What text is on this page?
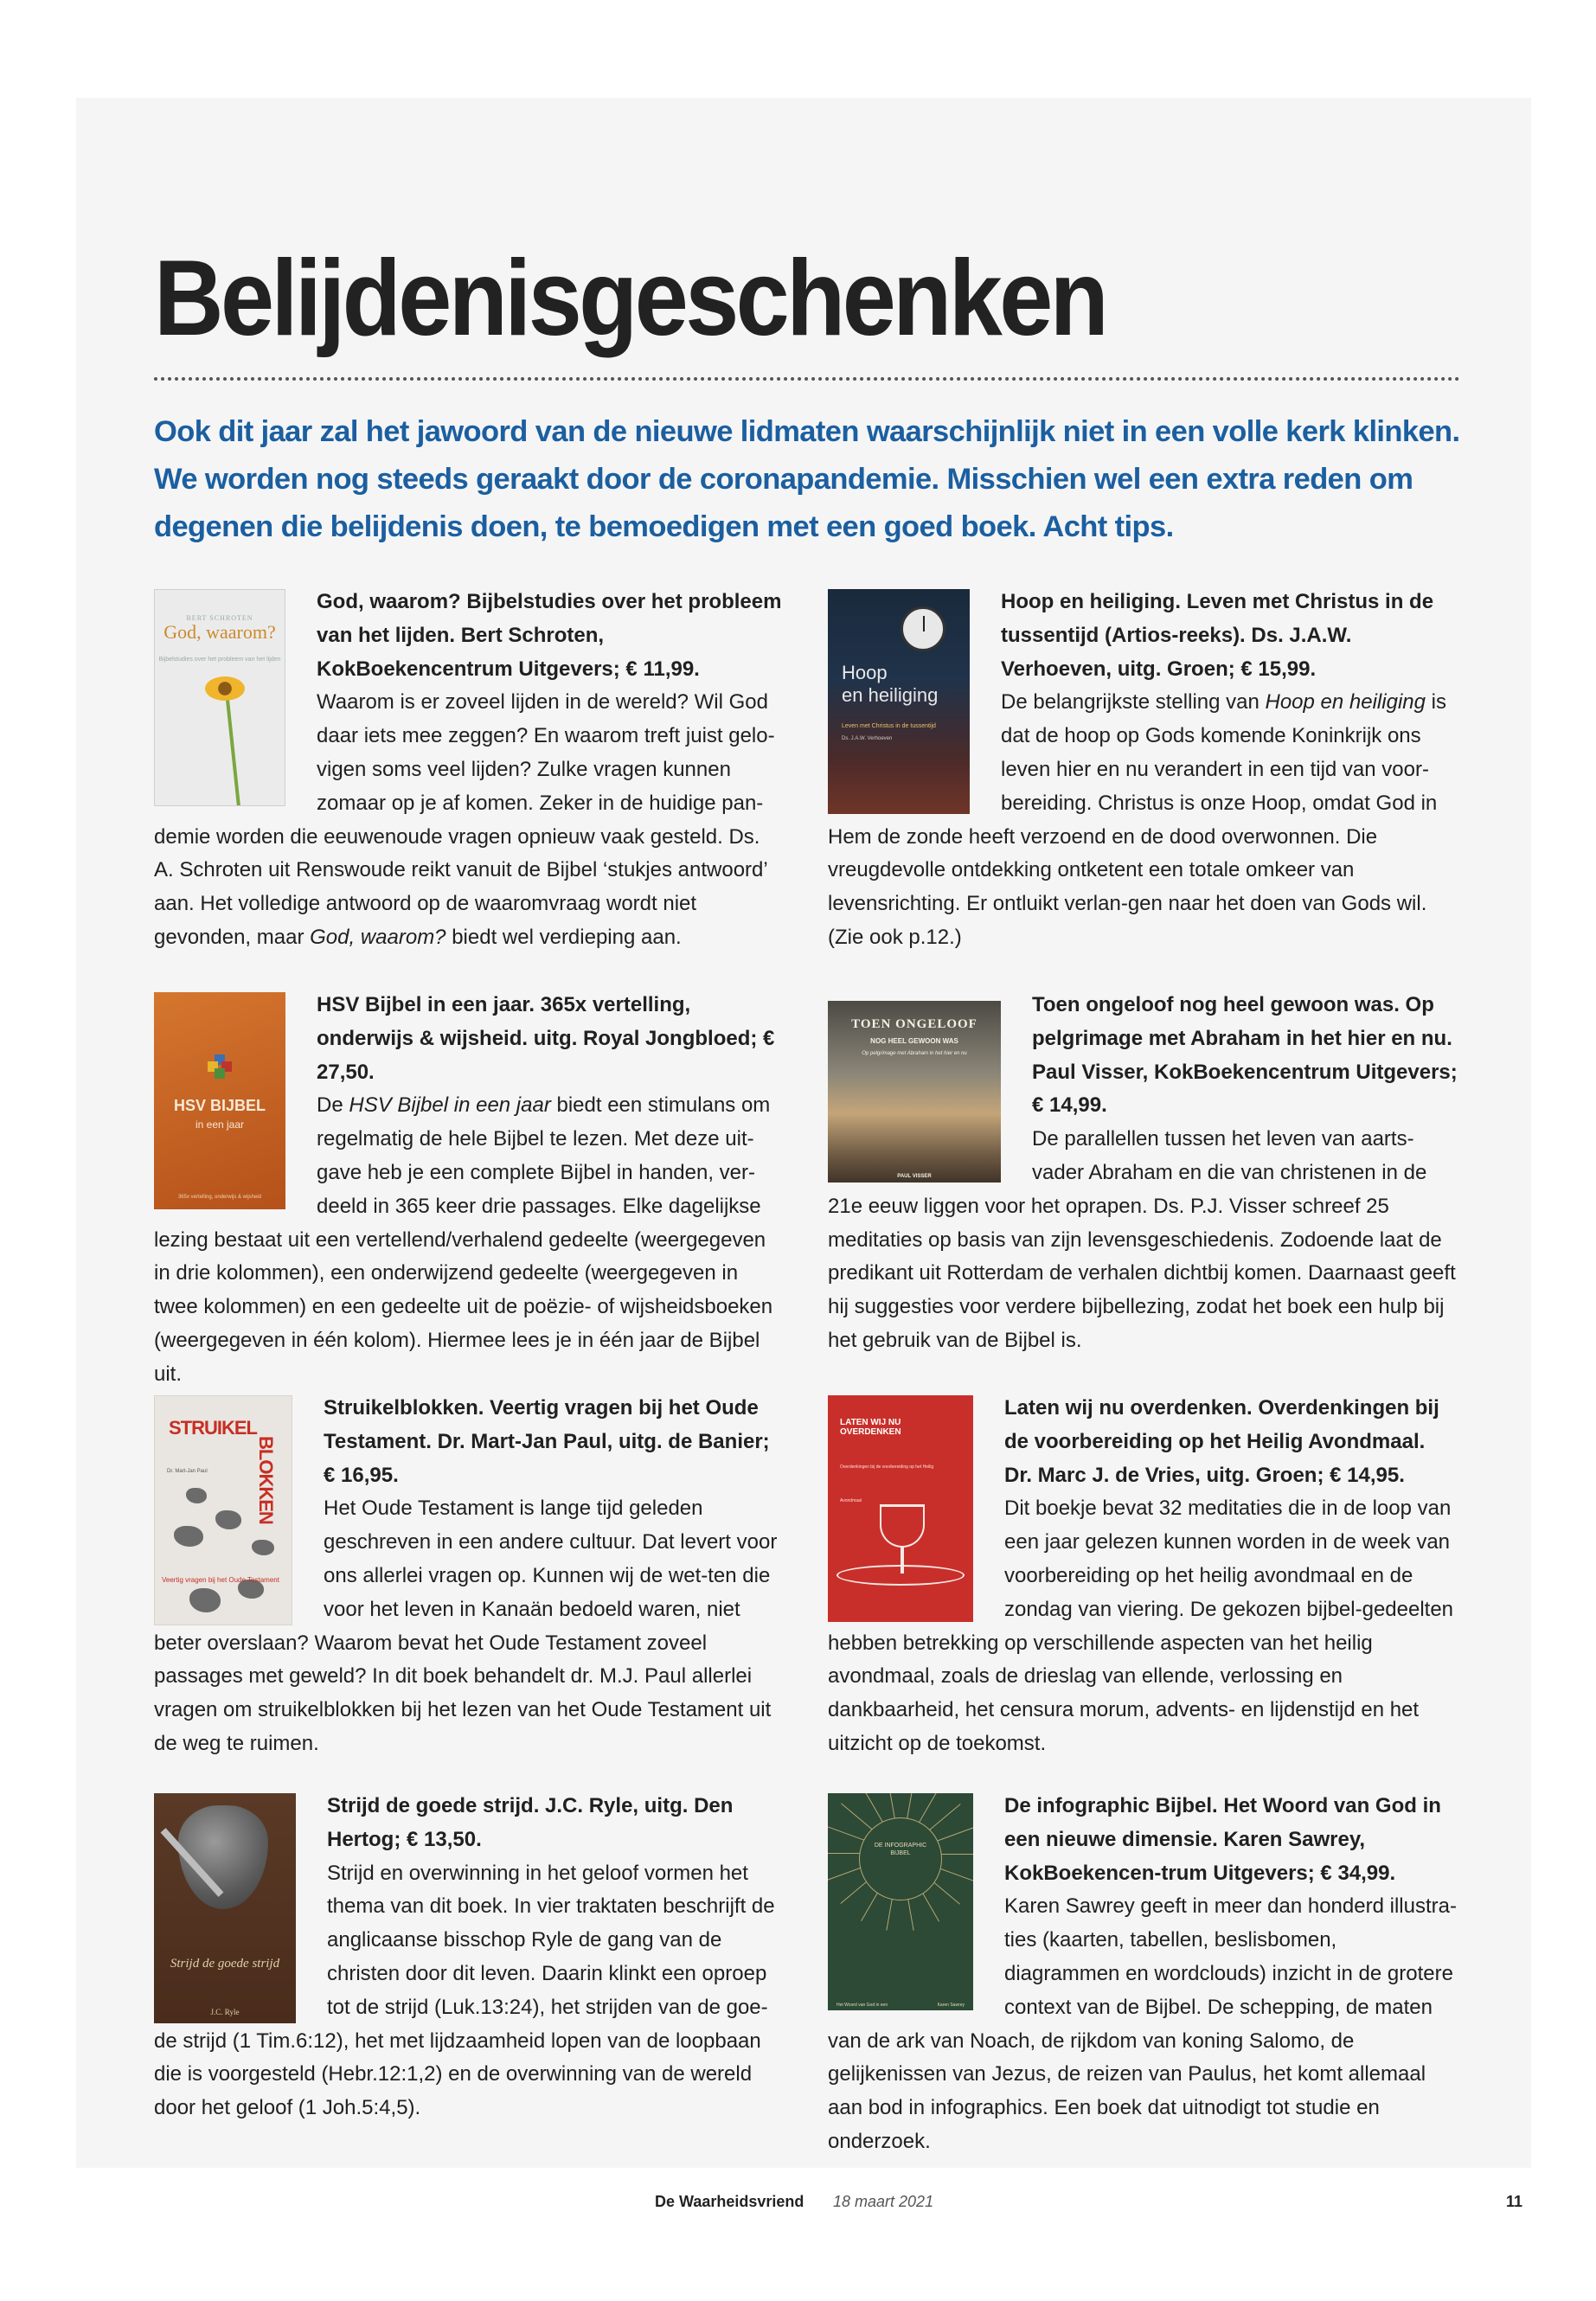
Belijdenisgeschenken
Ook dit jaar zal het jawoord van de nieuwe lidmaten waarschijnlijk niet in een volle kerk klinken. We worden nog steeds geraakt door de coronapandemie. Misschien wel een extra reden om degenen die belijdenis doen, te bemoedigen met een goed boek. Acht tips.
BERT SCHROTEN
God, waarom?
Bijbelstudies over het probleem van het lijden

God, waarom? Bijbelstudies over het probleem van het lijden. Bert Schroten, KokBoekencentrum Uitgevers; € 11,99.
Waarom is er zoveel lijden in de wereld? Wil God daar iets mee zeggen? En waarom treft juist gelo-vigen soms veel lijden? Zulke vragen kunnen zomaar op je af komen. Zeker in de huidige pan-demie worden die eeuwenoude vragen opnieuw vaak gesteld. Ds. A. Schroten uit Renswoude reikt vanuit de Bijbel ‘stukjes antwoord’ aan. Het volledige antwoord op de waaromvraag wordt niet gevonden, maar God, waarom? biedt wel verdieping aan.

Hoop
en heiliging
Leven met Christus in de tussentijd
Ds. J.A.W. Verhoeven

Hoop en heiliging. Leven met Christus in de tussentijd (Artios-reeks). Ds. J.A.W. Verhoeven, uitg. Groen; € 15,99.
De belangrijkste stelling van Hoop en heiliging is dat de hoop op Gods komende Koninkrijk ons leven hier en nu verandert in een tijd van voor-bereiding. Christus is onze Hoop, omdat God in Hem de zonde heeft verzoend en de dood overwonnen. Die vreugdevolle ontdekking ontketent een totale omkeer van levensrichting. Er ontluikt verlan-gen naar het doen van Gods wil. (Zie ook p.12.)

HSV BIJBEL
in een jaar
365x vertelling, onderwijs & wijsheid

HSV Bijbel in een jaar. 365x vertelling, onderwijs & wijsheid. uitg. Royal Jongbloed; € 27,50.
De HSV Bijbel in een jaar biedt een stimulans om regelmatig de hele Bijbel te lezen. Met deze uit-gave heb je een complete Bijbel in handen, ver-deeld in 365 keer drie passages. Elke dagelijkse lezing bestaat uit een vertellend/verhalend gedeelte (weergegeven in drie kolommen), een onderwijzend gedeelte (weergegeven in twee kolommen) en een gedeelte uit de poëzie- of wijsheidsboeken (weergegeven in één kolom). Hiermee lees je in één jaar de Bijbel uit.

TOEN ONGELOOF
NOG HEEL GEWOON WAS
Op pelgrimage met Abraham in het hier en nu
PAUL VISSER

Toen ongeloof nog heel gewoon was. Op pelgrimage met Abraham in het hier en nu. Paul Visser, KokBoekencentrum Uitgevers; € 14,99.
De parallellen tussen het leven van aarts-vader Abraham en die van christenen in de 21e eeuw liggen voor het oprapen. Ds. P.J. Visser schreef 25 meditaties op basis van zijn levensgeschiedenis. Zodoende laat de predikant uit Rotterdam de verhalen dichtbij komen. Daarnaast geeft hij suggesties voor verdere bijbellezing, zodat het boek een hulp bij het gebruik van de Bijbel is.

STRUIKEL
BLOKKEN
Dr. Mart-Jan Paul
Veertig vragen bij het Oude Testament

Struikelblokken. Veertig vragen bij het Oude Testament. Dr. Mart-Jan Paul, uitg. de Banier; € 16,95.
Het Oude Testament is lange tijd geleden geschreven in een andere cultuur. Dat levert voor ons allerlei vragen op. Kunnen wij de wet-ten die voor het leven in Kanaän bedoeld waren, niet beter overslaan? Waarom bevat het Oude Testament zoveel passages met geweld? In dit boek behandelt dr. M.J. Paul allerlei vragen om struikelblokken bij het lezen van het Oude Testament uit de weg te ruimen.

LATEN WIJ NU OVERDENKEN
Overdenkingen bij de voorbereiding op het Heilig Avondmaal

Laten wij nu overdenken. Overdenkingen bij de voorbereiding op het Heilig Avondmaal. Dr. Marc J. de Vries, uitg. Groen; € 14,95.
Dit boekje bevat 32 meditaties die in de loop van een jaar gelezen kunnen worden in de week van voorbereiding op het heilig avondmaal en de zondag van viering. De gekozen bijbel-gedeelten hebben betrekking op verschillende aspecten van het heilig avondmaal, zoals de drieslag van ellende, verlossing en dankbaarheid, het censura morum, advents- en lijdenstijd en het uitzicht op de toekomst.

Strijd de goede strijd
J.C. Ryle

Strijd de goede strijd. J.C. Ryle, uitg. Den Hertog; € 13,50.
Strijd en overwinning in het geloof vormen het thema van dit boek. In vier traktaten beschrijft de anglicaanse bisschop Ryle de gang van de christen door dit leven. Daarin klinkt een oproep tot de strijd (Luk.13:24), het strijden van de goe-de strijd (1 Tim.6:12), het met lijdzaamheid lopen van de loopbaan die is voorgesteld (Hebr.12:1,2) en de overwinning van de wereld door het geloof (1 Joh.5:4,5).

DE INFOGRAPHIC BIJBEL
Het Woord van God in een	Karen Sawrey

De infographic Bijbel. Het Woord van God in een nieuwe dimensie. Karen Sawrey, KokBoekencen-trum Uitgevers; € 34,99.
Karen Sawrey geeft in meer dan honderd illustra-ties (kaarten, tabellen, beslisbomen, diagrammen en wordclouds) inzicht in de grotere context van de Bijbel. De schepping, de maten van de ark van Noach, de rijkdom van koning Salomo, de gelijkenissen van Jezus, de reizen van Paulus, het komt allemaal aan bod in infographics. Een boek dat uitnodigt tot studie en onderzoek.

De Waarheidsvriend 18 maart 2021	11
